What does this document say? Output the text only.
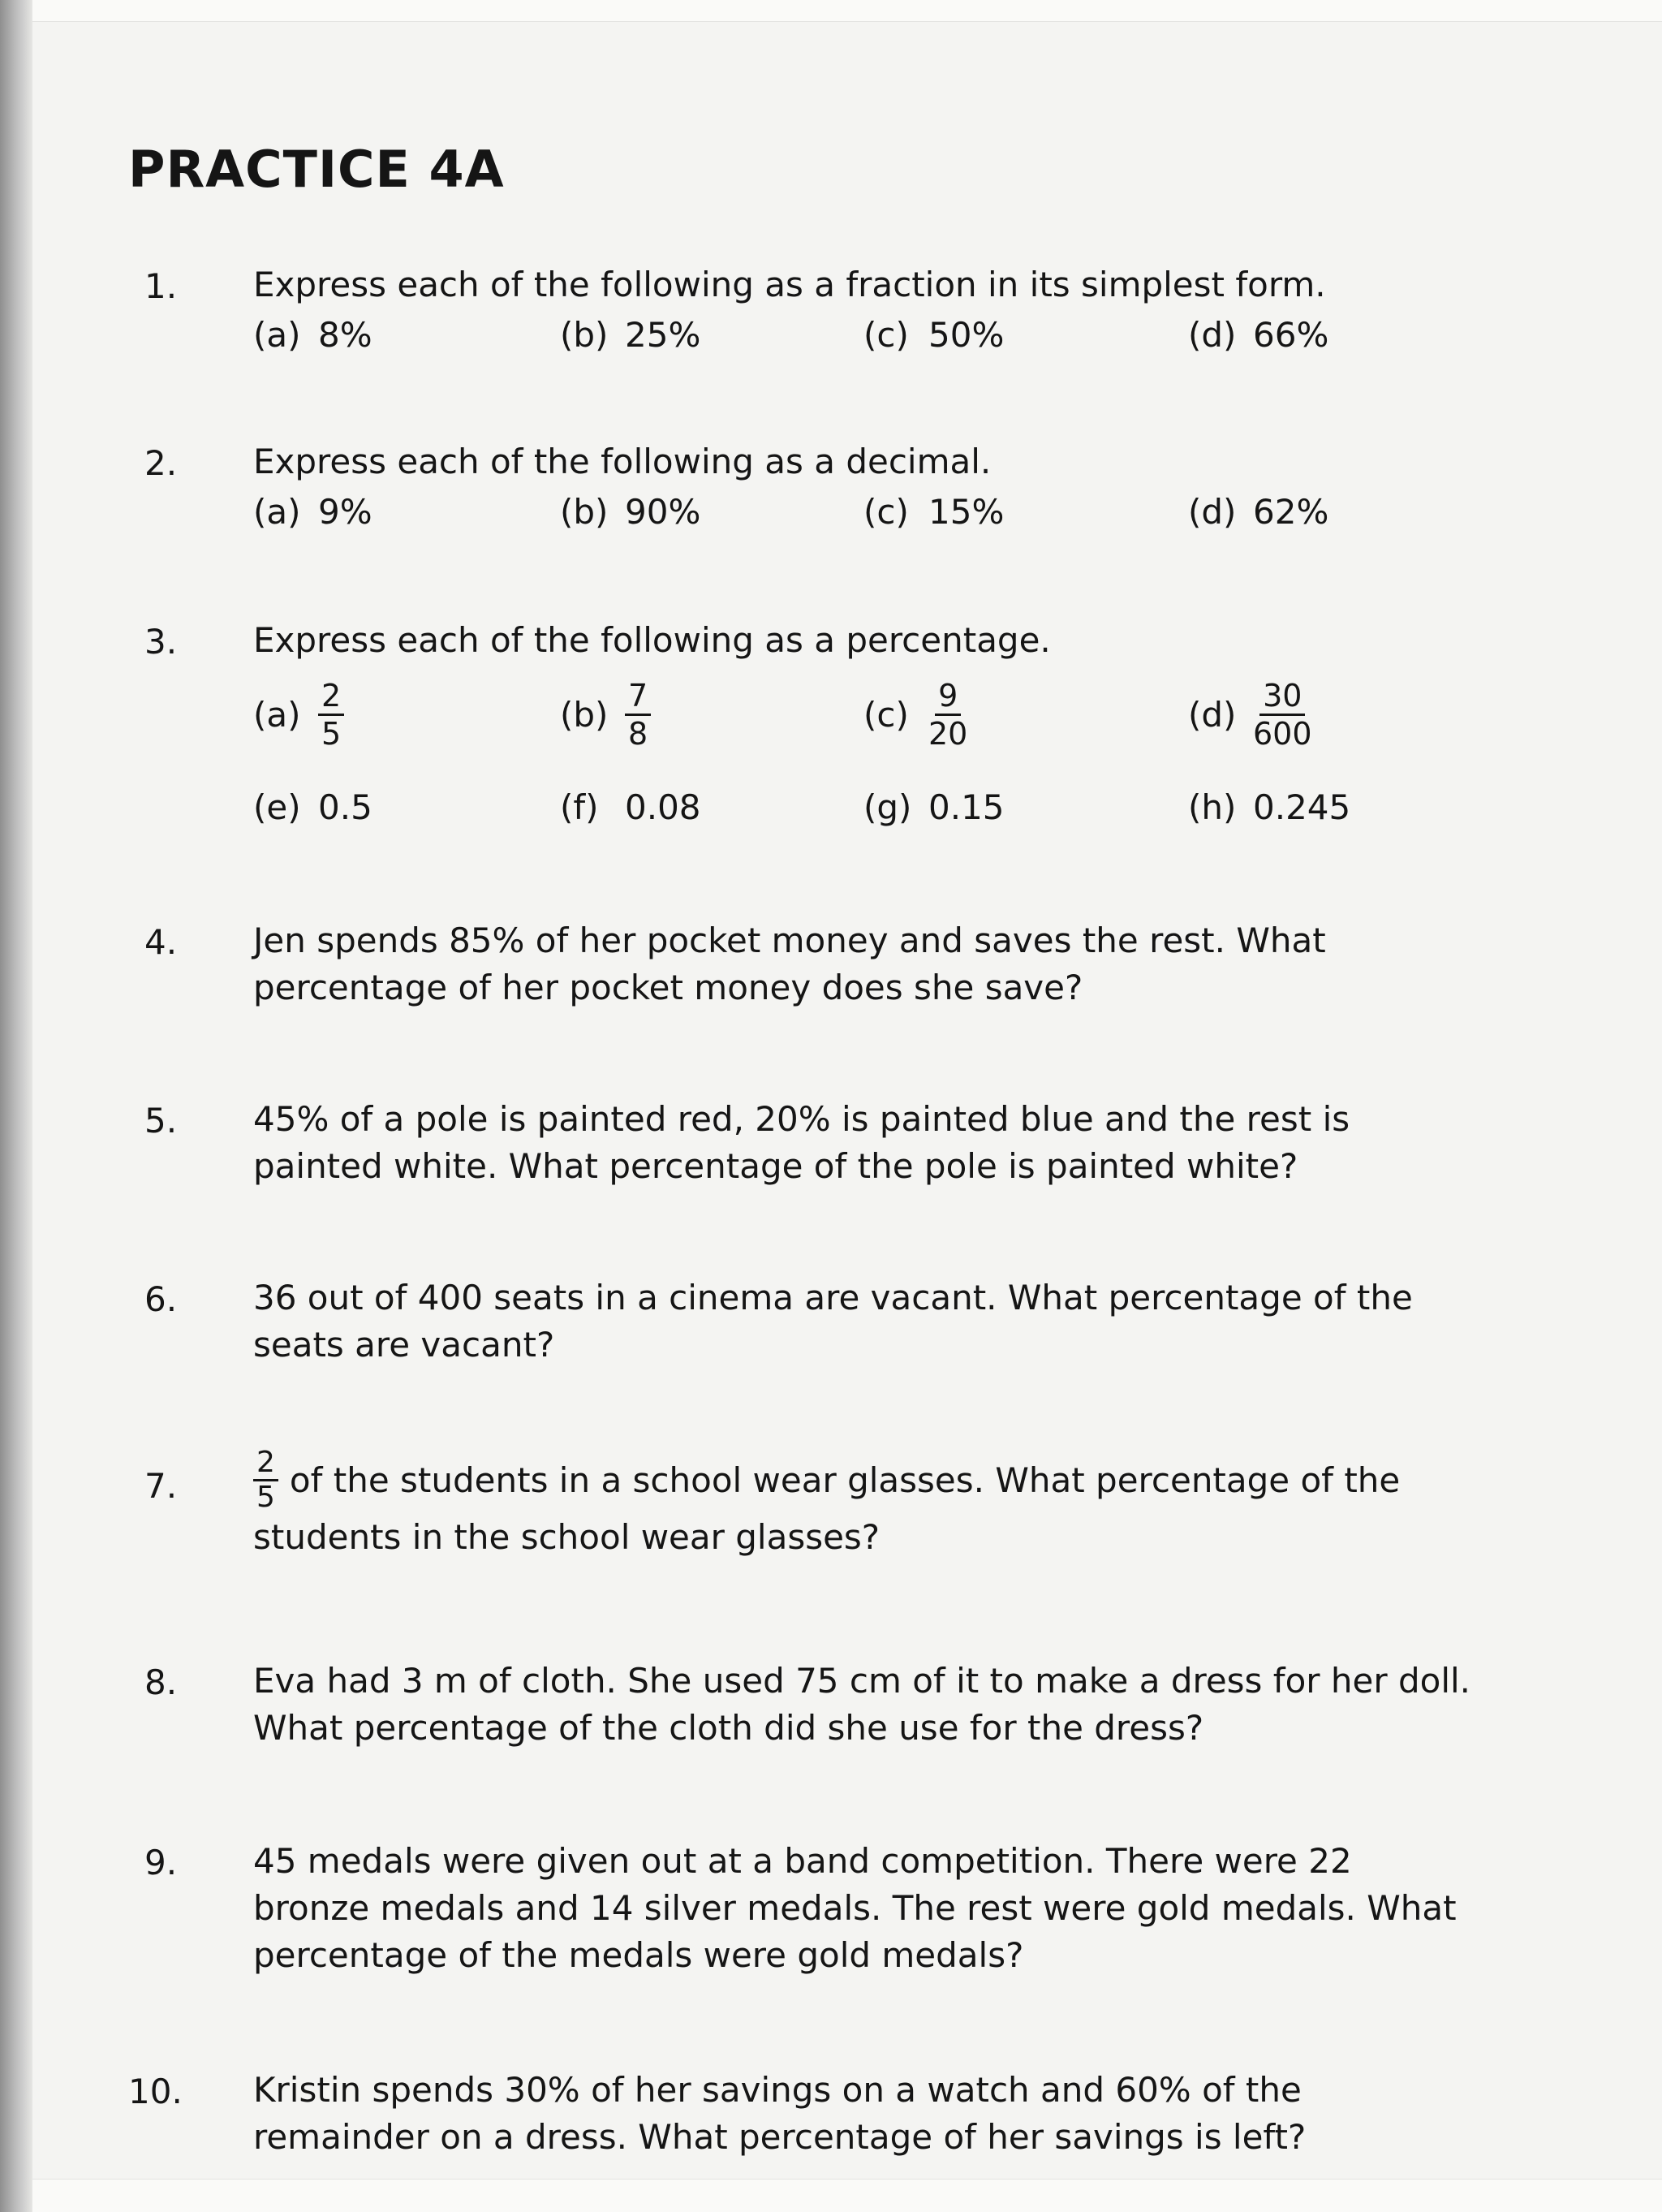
PRACTICE 4A
1.	Express each of the following as a fraction in its simplest form.
(a) 8%	(b) 25%	(c) 50%	(d) 66%
2.	Express each of the following as a decimal.
(a) 9%	(b) 90%	(c) 15%	(d) 62%
3.	Express each of the following as a percentage.
$(a) \frac{2}{5}$	$(b) \frac{7}{8}$	$(c) \frac{9}{20}$	$(d) \frac{30}{600}$
(e) 0.5	(f) 0.08	(g) 0.15	(h) 0.245
4.	Jen spends 85% of her pocket money and saves the rest. What percentage of her pocket money does she save?
5.	45% of a pole is painted red, 20% is painted blue and the rest is painted white. What percentage of the pole is painted white?
6.	36 out of 400 seats in a cinema are vacant. What percentage of the seats are vacant?
7.	$\frac{2}{5}$ of the students in a school wear glasses. What percentage of the
students in the school wear glasses?
8.	Eva had 3 m of cloth. She used 75 cm of it to make a dress for her doll. What percentage of the cloth did she use for the dress?
9.	45 medals were given out at a band competition. There were 22 bronze medals and 14 silver medals. The rest were gold medals. What percentage of the medals were gold medals?
10. Kristin spends 30% of her savings on a watch and 60% of the remainder on a dress. What percentage of her savings is left?
